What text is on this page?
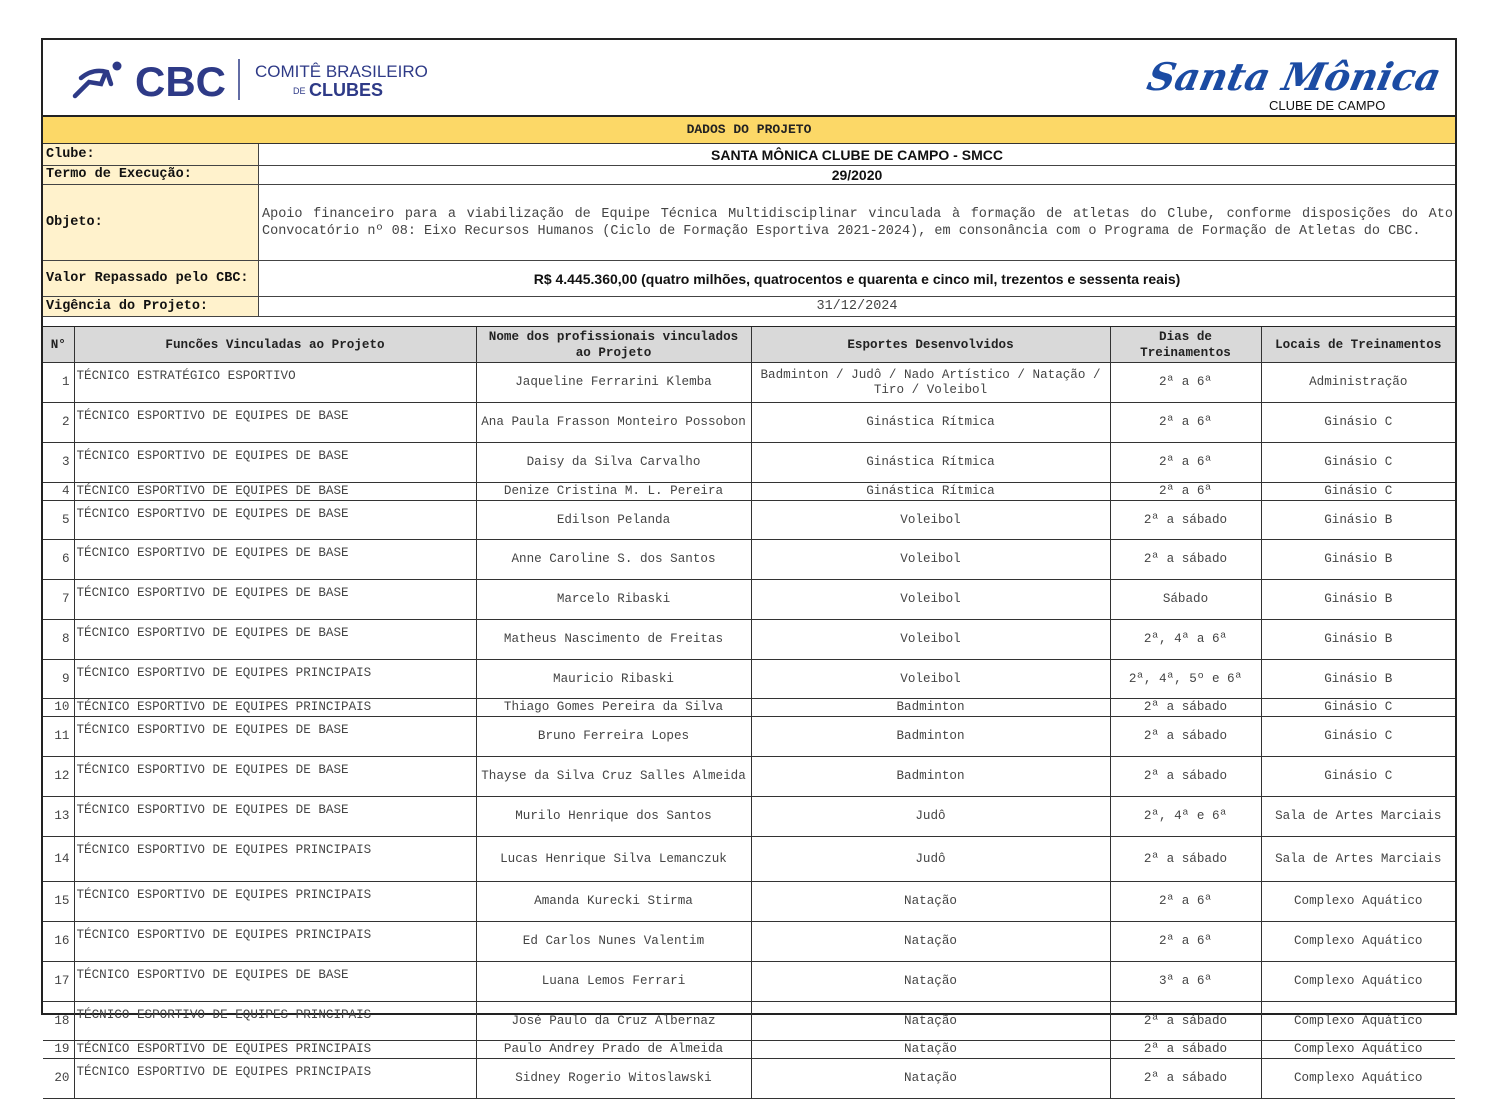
CBC COMITÊ BRASILEIRO
DE CLUBES	Santa Mônica
CLUBE DE CAMPO
DADOS DO PROJETO
Clube:	SANTA MÔNICA CLUBE DE CAMPO - SMCC
Termo de Execução:	29/2020
Objeto:
Apoio financeiro para a viabilização de Equipe Técnica Multidisciplinar vinculada à formação de atletas do Clube, conforme disposições do Ato Convocatório nº 08: Eixo Recursos Humanos (Ciclo de Formação Esportiva 2021-2024), em consonância com o Programa de Formação de Atletas do CBC.
Valor Repassado pelo CBC:	R$ 4.445.360,00 (quatro milhões, quatrocentos e quarenta e cinco mil, trezentos e sessenta reais)
Vigência do Projeto:	31/12/2024
N°	Funcões Vinculadas ao Projeto	Nome dos profissionais vinculados ao Projeto	Esportes Desenvolvidos	Dias de Treinamentos	Locais de Treinamentos
1	TÉCNICO ESTRATÉGICO ESPORTIVO	Jaqueline Ferrarini Klemba	Badminton / Judô / Nado Artístico / Natação / Tiro / Voleibol	2ª a 6ª	Administração
2	TÉCNICO ESPORTIVO DE EQUIPES DE BASE	Ana Paula Frasson Monteiro Possobon	Ginástica Rítmica	2ª a 6ª	Ginásio C
3	TÉCNICO ESPORTIVO DE EQUIPES DE BASE	Daisy da Silva Carvalho	Ginástica Rítmica	2ª a 6ª	Ginásio C
4	TÉCNICO ESPORTIVO DE EQUIPES DE BASE	Denize Cristina M. L. Pereira	Ginástica Rítmica	2ª a 6ª	Ginásio C
5	TÉCNICO ESPORTIVO DE EQUIPES DE BASE	Edilson Pelanda	Voleibol	2ª a sábado	Ginásio B
6	TÉCNICO ESPORTIVO DE EQUIPES DE BASE	Anne Caroline S. dos Santos	Voleibol	2ª a sábado	Ginásio B
7	TÉCNICO ESPORTIVO DE EQUIPES DE BASE	Marcelo Ribaski	Voleibol	Sábado	Ginásio B
8	TÉCNICO ESPORTIVO DE EQUIPES DE BASE	Matheus Nascimento de Freitas	Voleibol	2ª, 4ª a 6ª	Ginásio B
9	TÉCNICO ESPORTIVO DE EQUIPES PRINCIPAIS	Mauricio Ribaski	Voleibol	2ª, 4ª, 5º e 6ª	Ginásio B
10	TÉCNICO ESPORTIVO DE EQUIPES PRINCIPAIS	Thiago Gomes Pereira da Silva	Badminton	2ª a sábado	Ginásio C
11	TÉCNICO ESPORTIVO DE EQUIPES DE BASE	Bruno Ferreira Lopes	Badminton	2ª a sábado	Ginásio C
12	TÉCNICO ESPORTIVO DE EQUIPES DE BASE	Thayse da Silva Cruz Salles Almeida	Badminton	2ª a sábado	Ginásio C
13	TÉCNICO ESPORTIVO DE EQUIPES DE BASE	Murilo Henrique dos Santos	Judô	2ª, 4ª e 6ª	Sala de Artes Marciais
14	TÉCNICO ESPORTIVO DE EQUIPES PRINCIPAIS	Lucas Henrique Silva Lemanczuk	Judô	2ª a sábado	Sala de Artes Marciais
15	TÉCNICO ESPORTIVO DE EQUIPES PRINCIPAIS	Amanda Kurecki Stirma	Natação	2ª a 6ª	Complexo Aquático
16	TÉCNICO ESPORTIVO DE EQUIPES PRINCIPAIS	Ed Carlos Nunes Valentim	Natação	2ª a 6ª	Complexo Aquático
17	TÉCNICO ESPORTIVO DE EQUIPES DE BASE	Luana Lemos Ferrari	Natação	3ª a 6ª	Complexo Aquático
18	TÉCNICO ESPORTIVO DE EQUIPES PRINCIPAIS	José Paulo da Cruz Albernaz	Natação	2ª a sábado	Complexo Aquático
19	TÉCNICO ESPORTIVO DE EQUIPES PRINCIPAIS	Paulo Andrey Prado de Almeida	Natação	2ª a sábado	Complexo Aquático
20	TÉCNICO ESPORTIVO DE EQUIPES PRINCIPAIS	Sidney Rogerio Witoslawski	Natação	2ª a sábado	Complexo Aquático
